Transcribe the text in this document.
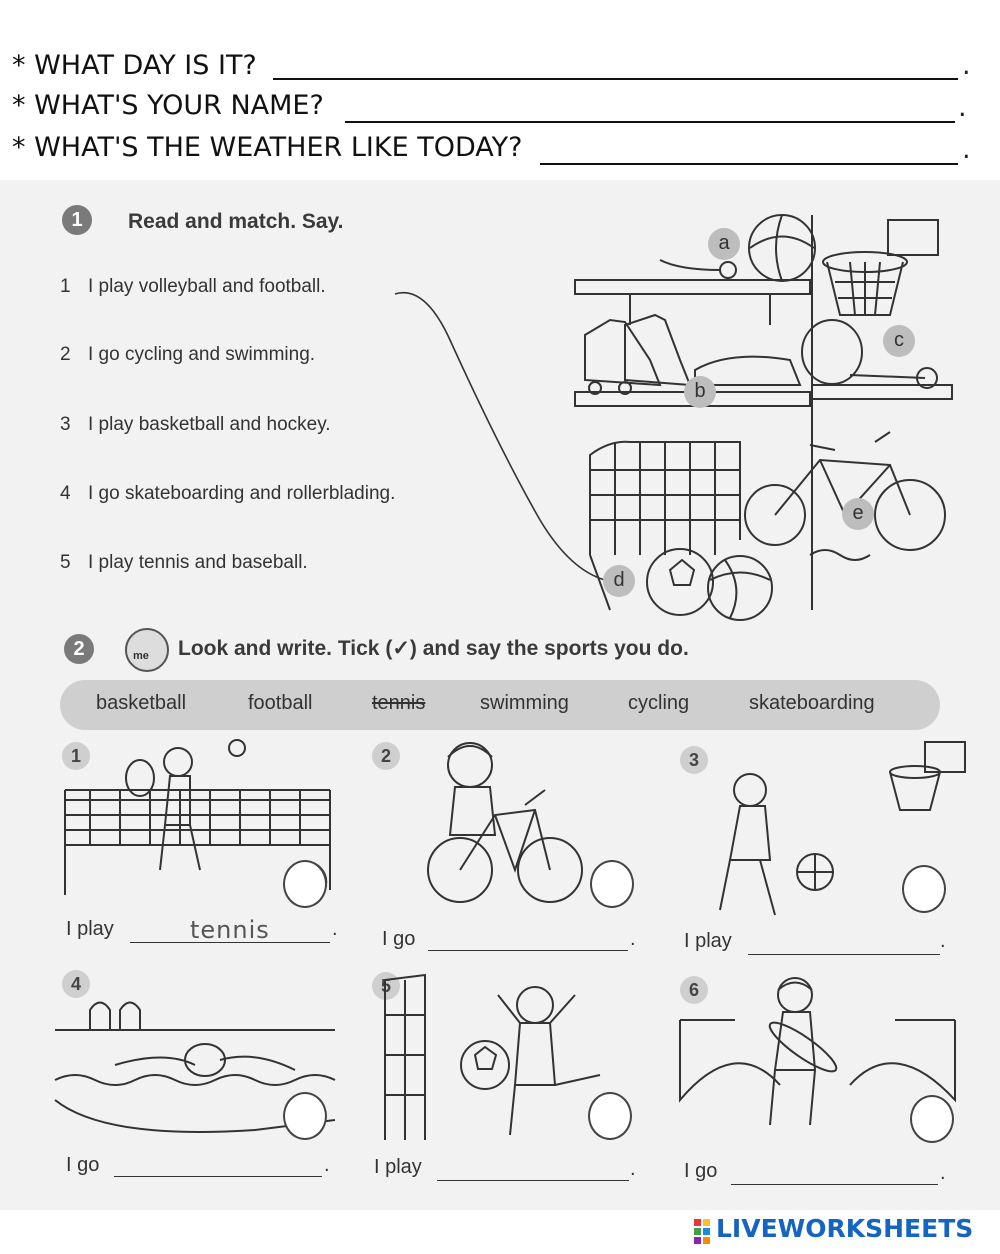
* WHAT DAY IS IT?	.
* WHAT'S YOUR NAME?	.
* WHAT'S THE WEATHER LIKE TODAY?	.
1	Read and match. Say.
1 I play volleyball and football.
2 I go cycling and swimming.
3 I play basketball and hockey.
4 I go skateboarding and rollerblading.
5 I play tennis and baseball.
a
b
c
d
e
2	me Look and write. Tick (✓) and say the sports you do.
basketball	football	tennis	swimming	cycling	skateboarding
1
I play	tennis	.
2
I go	.
3
I play	.
4
I go	.
5
I play	.
6
I go	.
LIVEWORKSHEETS
